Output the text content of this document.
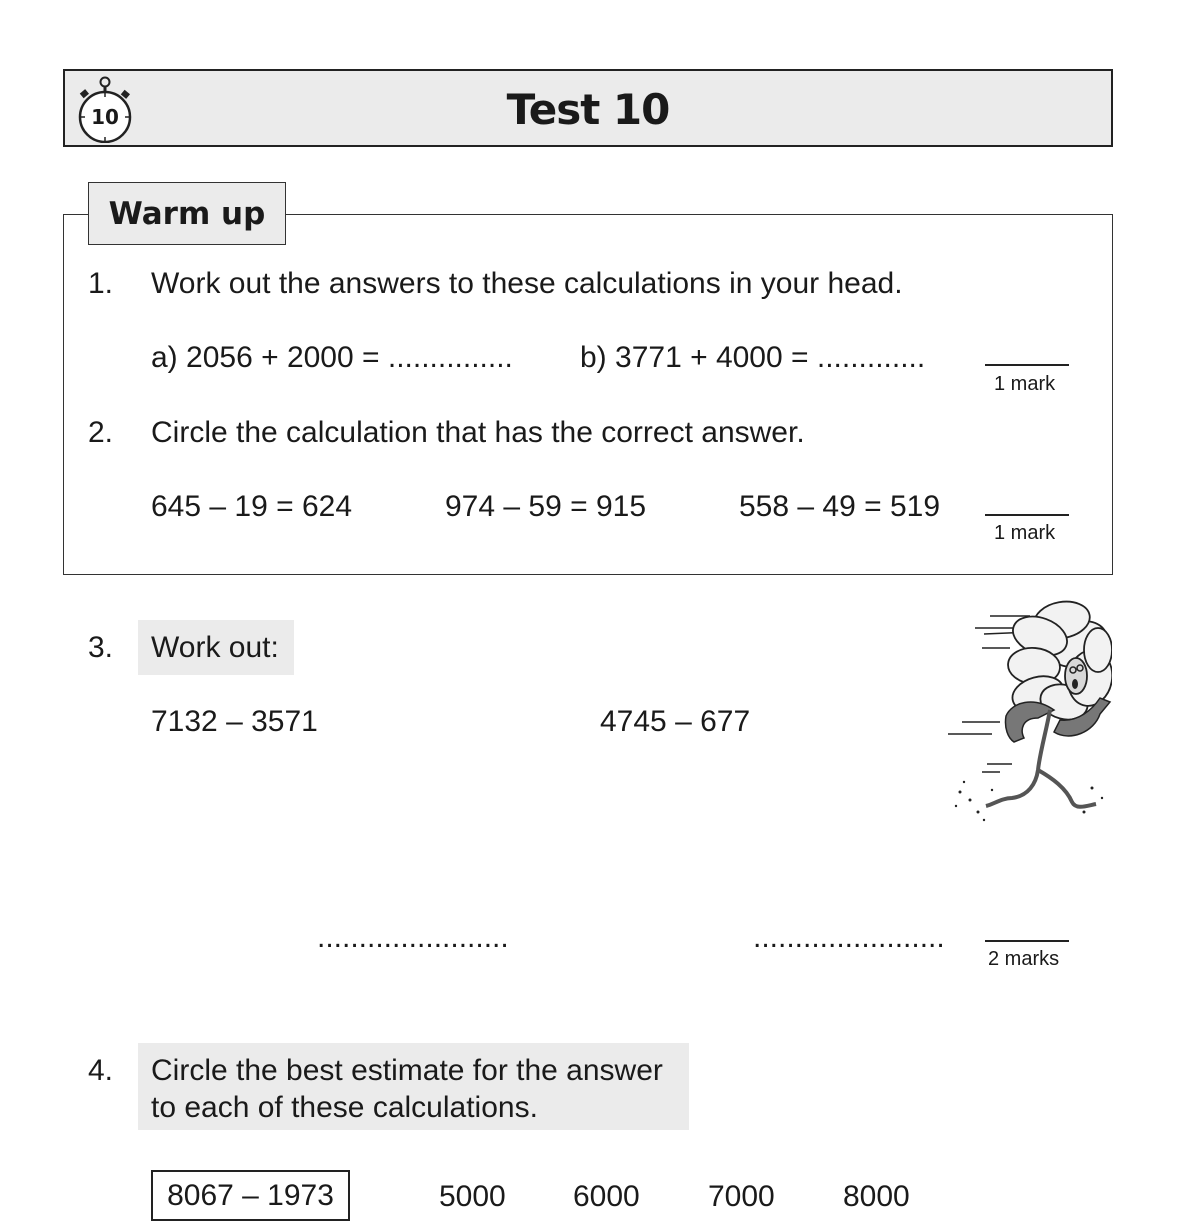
10	Test 10
Warm up
1. Work out the answers to these calculations in your head.
a) 2056 + 2000 = ............... b) 3771 + 4000 = .............
1 mark
2. Circle the calculation that has the correct answer.
645 – 19 = 624	974 – 59 = 915	558 – 49 = 519
1 mark
3. Work out:
7132 – 3571	4745 – 677
.......................	.......................
2 marks
4. Circle the best estimate for the answer
to each of these calculations.
8067 – 1973	5000 6000 7000 8000
